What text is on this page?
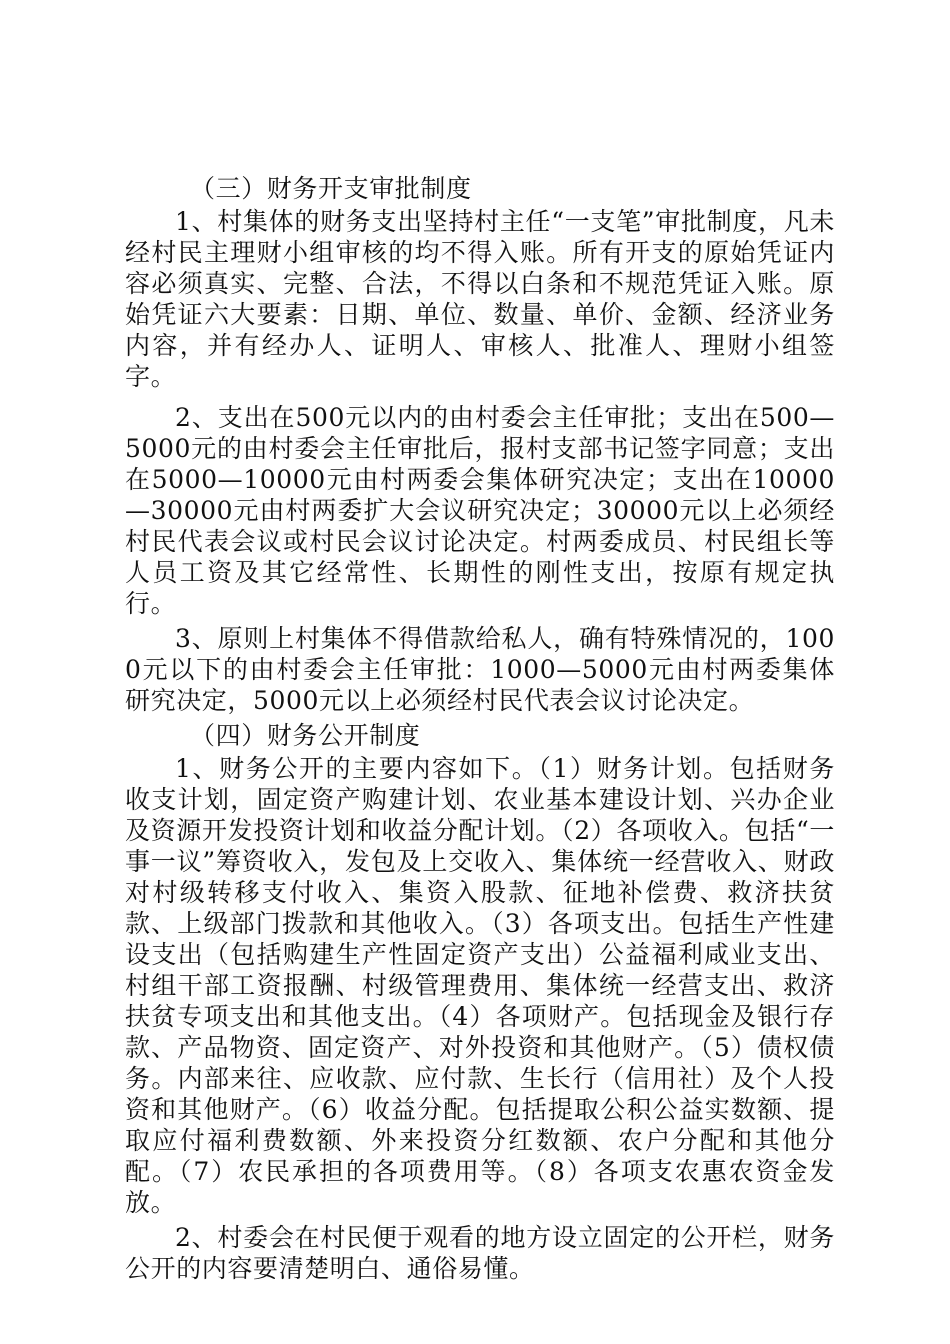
（三）财务开支审批制度

1、村集体的财务支出坚持村主任“一支笔”审批制度，凡未经村民主理财小组审核的均不得入账。所有开支的原始凭证内容必须真实、完整、合法，不得以白条和不规范凭证入账。原始凭证六大要素：日期、单位、数量、单价、金额、经济业务内容，并有经办人、证明人、审核人、批准人、理财小组签字。

2、支出在500元以内的由村委会主任审批；支出在500—5000元的由村委会主任审批后，报村支部书记签字同意；支出在5000—10000元由村两委会集体研究决定；支出在10000—30000元由村两委扩大会议研究决定；30000元以上必须经村民代表会议或村民会议讨论决定。村两委成员、村民组长等人员工资及其它经常性、长期性的刚性支出，按原有规定执行。

3、原则上村集体不得借款给私人，确有特殊情况的，1000元以下的由村委会主任审批：1000—5000元由村两委集体研究决定，5000元以上必须经村民代表会议讨论决定。

（四）财务公开制度

1、财务公开的主要内容如下。（1）财务计划。包括财务收支计划，固定资产购建计划、农业基本建设计划、兴办企业及资源开发投资计划和收益分配计划。（2）各项收入。包括“一事一议”筹资收入，发包及上交收入、集体统一经营收入、财政对村级转移支付收入、集资入股款、征地补偿费、救济扶贫款、上级部门拨款和其他收入。（3）各项支出。包括生产性建设支出（包括购建生产性固定资产支出）公益福利咸业支出、村组干部工资报酬、村级管理费用、集体统一经营支出、救济扶贫专项支出和其他支出。（4）各项财产。包括现金及银行存款、产品物资、固定资产、对外投资和其他财产。（5）债权债务。内部来往、应收款、应付款、生长行（信用社）及个人投资和其他财产。（6）收益分配。包括提取公积公益实数额、提取应付福利费数额、外来投资分红数额、农户分配和其他分配。（7）农民承担的各项费用等。（8）各项支农惠农资金发放。

2、村委会在村民便于观看的地方设立固定的公开栏，财务公开的内容要清楚明白、通俗易懂。
